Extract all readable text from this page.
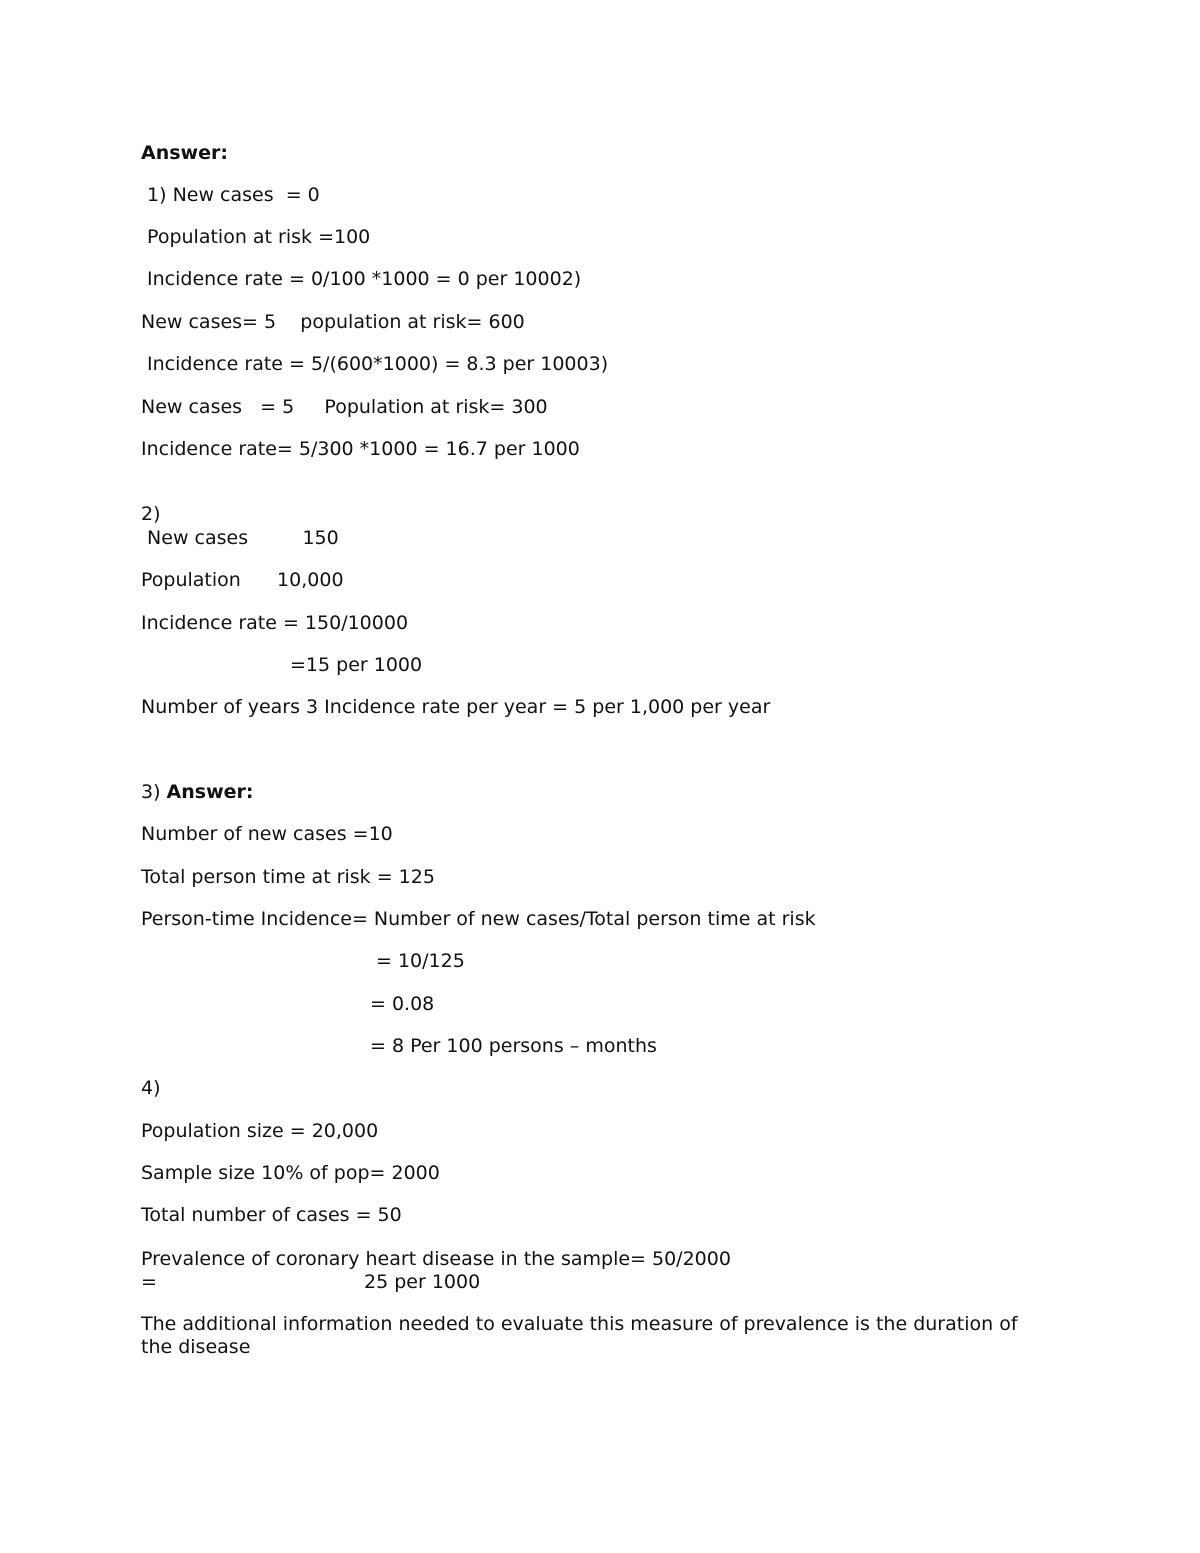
Answer:
1) New cases  = 0
Population at risk =100
Incidence rate = 0/100 *1000 = 0 per 10002)
New cases= 5    population at risk= 600
Incidence rate = 5/(600*1000) = 8.3 per 10003)
New cases   = 5     Population at risk= 300
Incidence rate= 5/300 *1000 = 16.7 per 1000
2)
New cases         150
Population      10,000
Incidence rate = 150/10000
=15 per 1000
Number of years 3 Incidence rate per year = 5 per 1,000 per year
3) Answer:
Number of new cases =10
Total person time at risk = 125
Person-time Incidence= Number of new cases/Total person time at risk
= 10/125
= 0.08
= 8 Per 100 persons – months
4)
Population size = 20,000
Sample size 10% of pop= 2000
Total number of cases = 50
Prevalence of coronary heart disease in the sample= 50/2000
=	25 per 1000
The additional information needed to evaluate this measure of prevalence is the duration of
the disease
